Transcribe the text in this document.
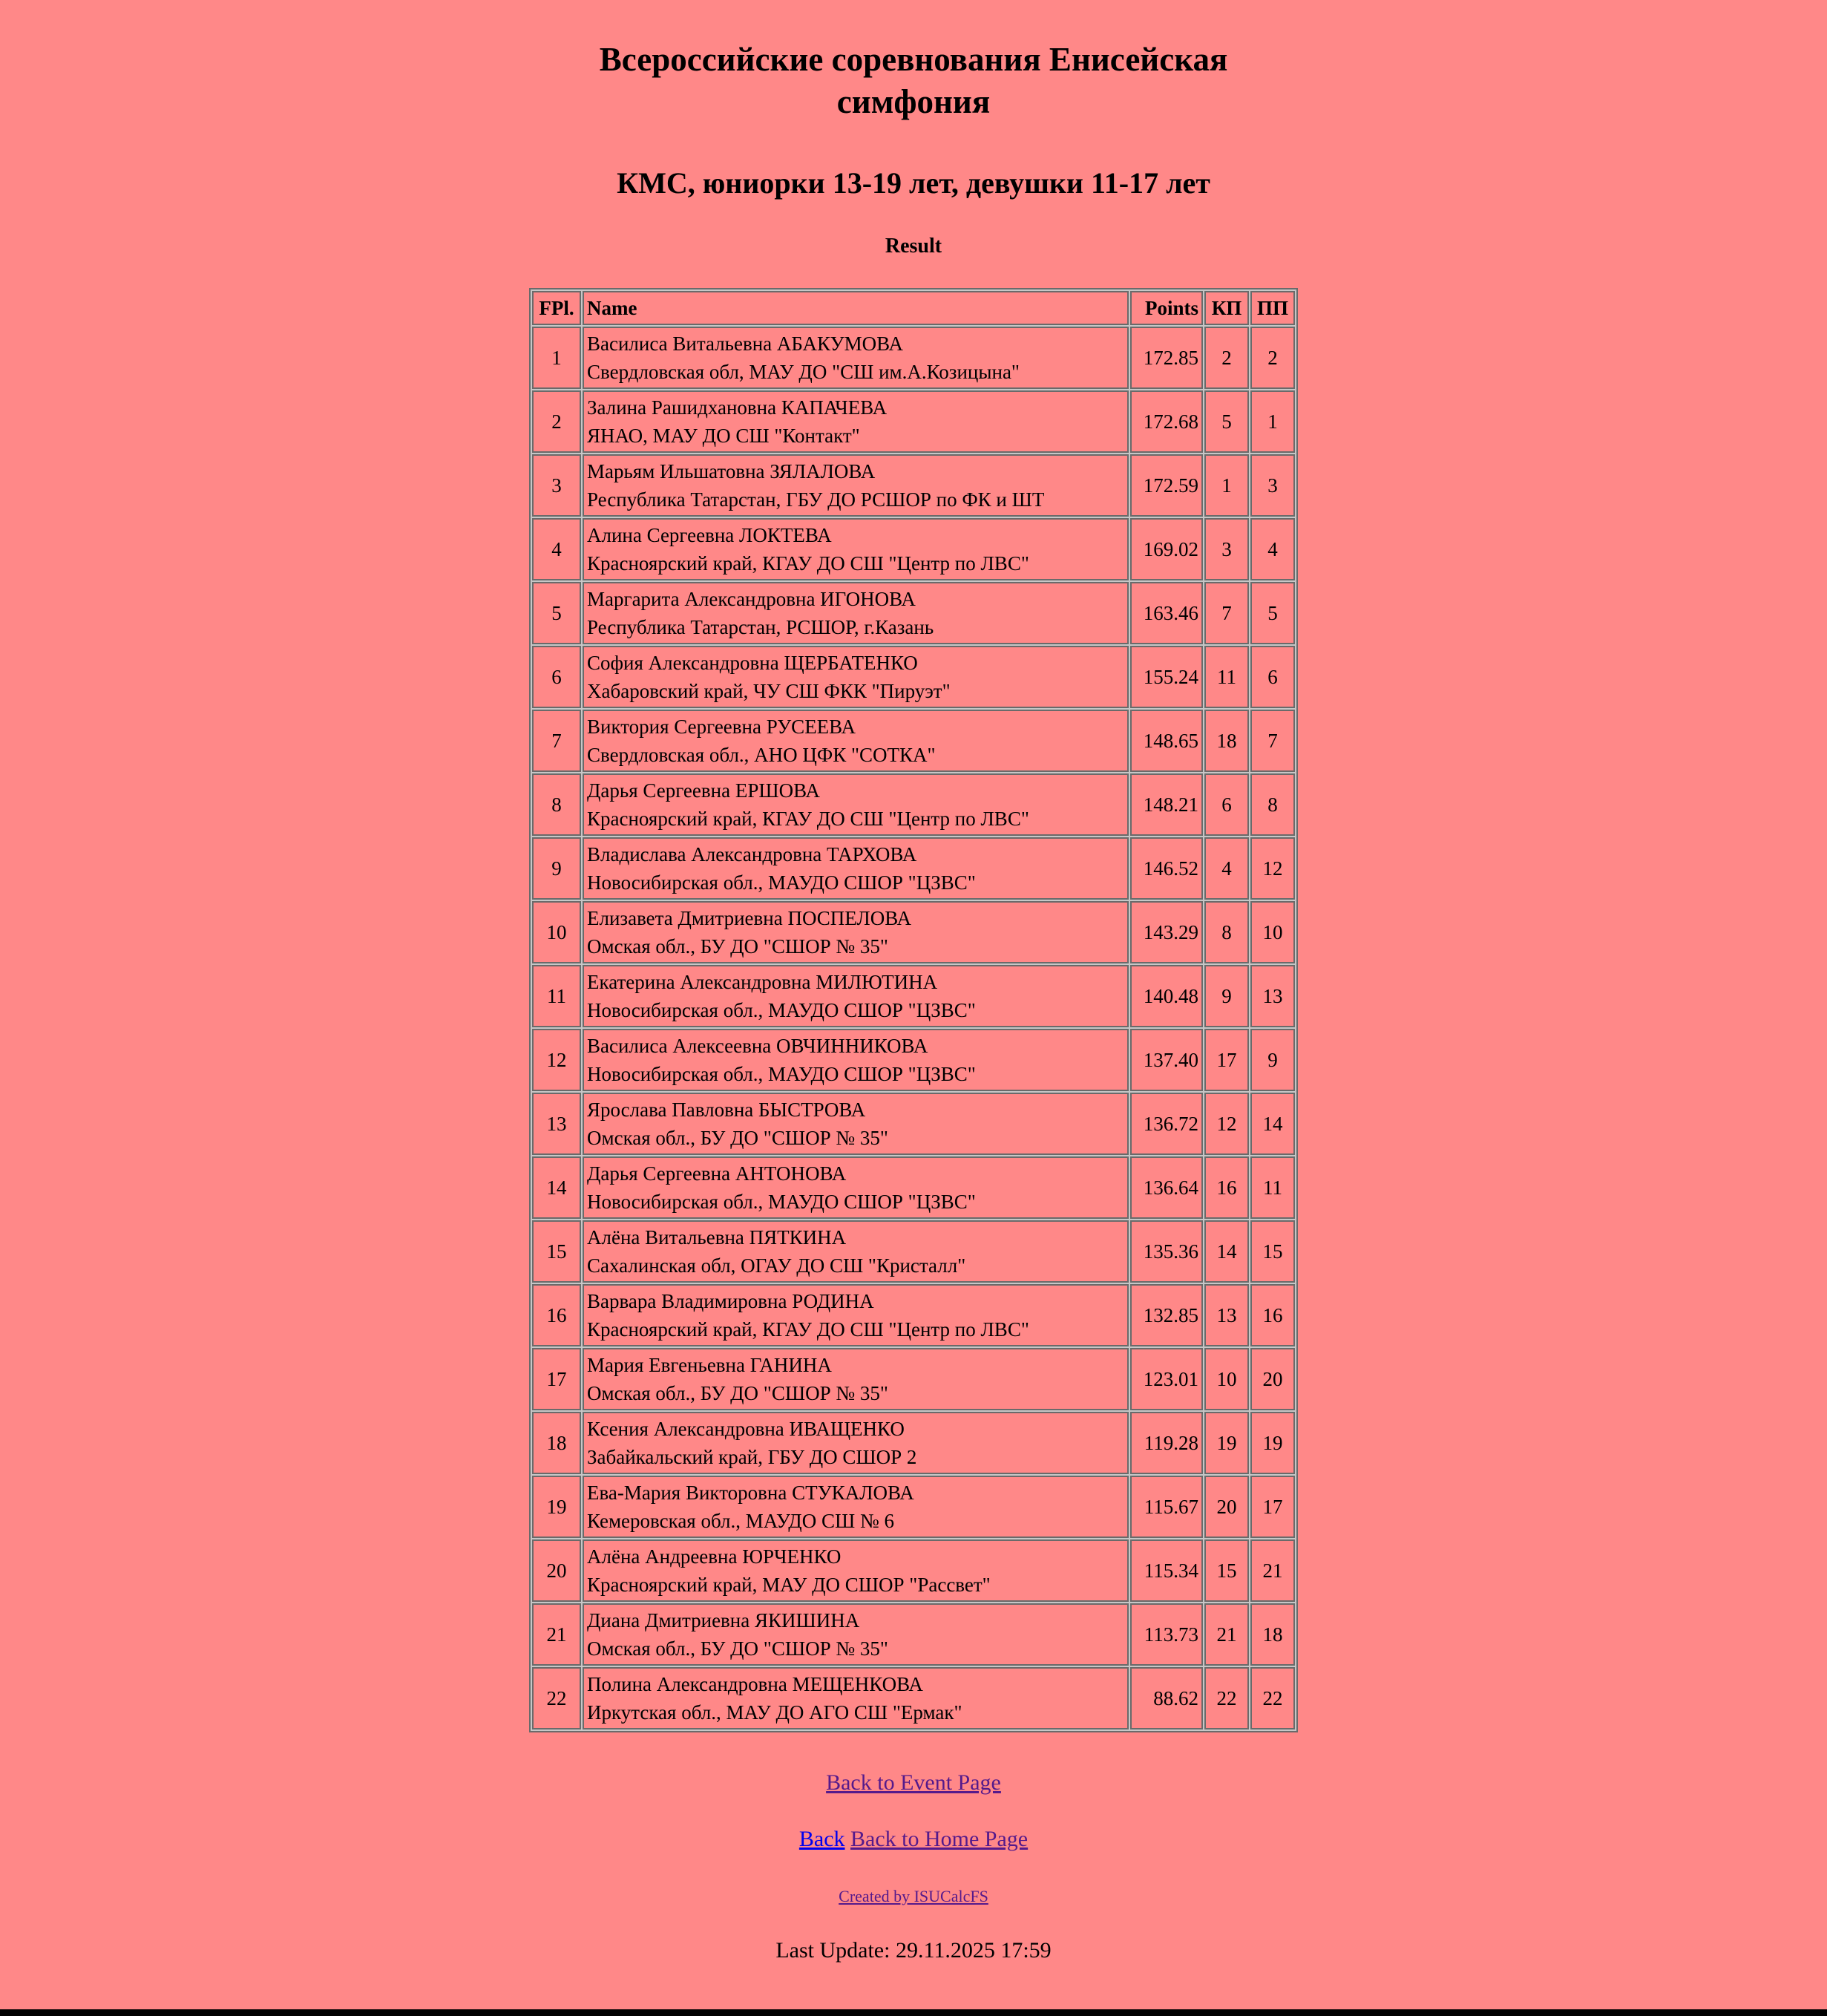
Всероссийские соревнования Енисейская
симфония
КМС, юниорки 13-19 лет, девушки 11-17 лет
Result
FPl.	Name	Points	КП	ПП
1	Василиса Витальевна АБАКУМОВА
Свердловская обл, МАУ ДО "СШ им.А.Козицына"	172.85	2	2
2	Залина Рашидхановна КАПАЧЕВА
ЯНАО, МАУ ДО СШ "Контакт"	172.68	5	1
3	Марьям Ильшатовна ЗЯЛАЛОВА
Республика Татарстан, ГБУ ДО РСШОР по ФК и ШТ	172.59	1	3
4	Алина Сергеевна ЛОКТЕВА
Красноярский край, КГАУ ДО СШ "Центр по ЛВС"	169.02	3	4
5	Маргарита Александровна ИГОНОВА
Республика Татарстан, РСШОР, г.Казань	163.46	7	5
6	София Александровна ЩЕРБАТЕНКО
Хабаровский край, ЧУ СШ ФКК "Пируэт"	155.24	11	6
7	Виктория Сергеевна РУСЕЕВА
Свердловская обл., АНО ЦФК "СОТКА"	148.65	18	7
8	Дарья Сергеевна ЕРШОВА
Красноярский край, КГАУ ДО СШ "Центр по ЛВС"	148.21	6	8
9	Владислава Александровна ТАРХОВА
Новосибирская обл., МАУДО СШОР "ЦЗВС"	146.52	4	12
10	Елизавета Дмитриевна ПОСПЕЛОВА
Омская обл., БУ ДО "СШОР № 35"	143.29	8	10
11	Екатерина Александровна МИЛЮТИНА
Новосибирская обл., МАУДО СШОР "ЦЗВС"	140.48	9	13
12	Василиса Алексеевна ОВЧИННИКОВА
Новосибирская обл., МАУДО СШОР "ЦЗВС"	137.40	17	9
13	Ярослава Павловна БЫСТРОВА
Омская обл., БУ ДО "СШОР № 35"	136.72	12	14
14	Дарья Сергеевна АНТОНОВА
Новосибирская обл., МАУДО СШОР "ЦЗВС"	136.64	16	11
15	Алёна Витальевна ПЯТКИНА
Сахалинская обл, ОГАУ ДО СШ "Кристалл"	135.36	14	15
16	Варвара Владимировна РОДИНА
Красноярский край, КГАУ ДО СШ "Центр по ЛВС"	132.85	13	16
17	Мария Евгеньевна ГАНИНА
Омская обл., БУ ДО "СШОР № 35"	123.01	10	20
18	Ксения Александровна ИВАЩЕНКО
Забайкальский край, ГБУ ДО СШОР 2	119.28	19	19
19	Ева-Мария Викторовна СТУКАЛОВА
Кемеровская обл., МАУДО СШ № 6	115.67	20	17
20	Алёна Андреевна ЮРЧЕНКО
Красноярский край, МАУ ДО СШОР "Рассвет"	115.34	15	21
21	Диана Дмитриевна ЯКИШИНА
Омская обл., БУ ДО "СШОР № 35"	113.73	21	18
22	Полина Александровна МЕЩЕНКОВА
Иркутская обл., МАУ ДО АГО СШ "Ермак"	88.62	22	22

Back to Event Page

Back Back to Home Page

Created by ISUCalcFS

Last Update: 29.11.2025 17:59
